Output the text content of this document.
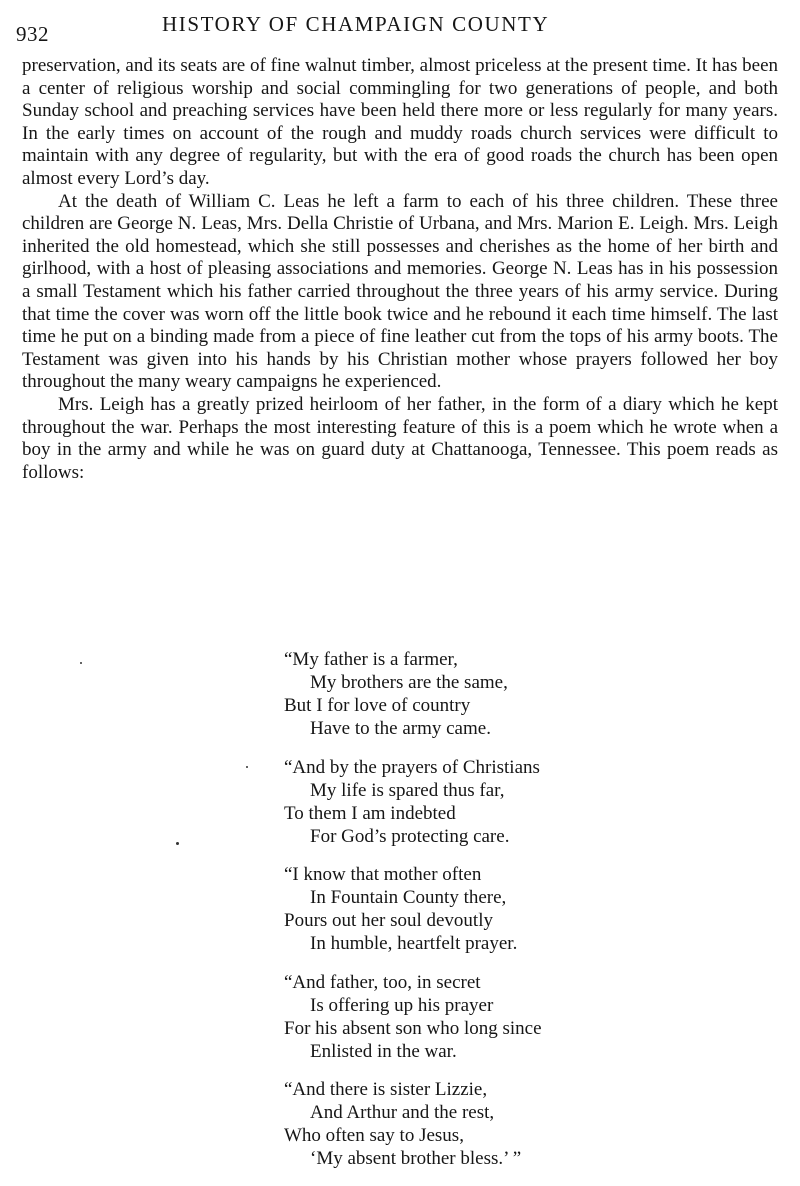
932	HISTORY OF CHAMPAIGN COUNTY

preservation, and its seats are of fine walnut timber, almost priceless at the present time. It has been a center of religious worship and social commingling for two generations of people, and both Sunday school and preaching services have been held there more or less regularly for many years. In the early times on account of the rough and muddy roads church services were difficult to maintain with any degree of regularity, but with the era of good roads the church has been open almost every Lord’s day.

At the death of William C. Leas he left a farm to each of his three children. These three children are George N. Leas, Mrs. Della Christie of Urbana, and Mrs. Marion E. Leigh. Mrs. Leigh inherited the old homestead, which she still possesses and cherishes as the home of her birth and girlhood, with a host of pleasing associations and memories. George N. Leas has in his possession a small Testament which his father carried throughout the three years of his army service. During that time the cover was worn off the little book twice and he rebound it each time himself. The last time he put on a binding made from a piece of fine leather cut from the tops of his army boots. The Testament was given into his hands by his Christian mother whose prayers followed her boy throughout the many weary campaigns he experienced.

Mrs. Leigh has a greatly prized heirloom of her father, in the form of a diary which he kept throughout the war. Perhaps the most interesting feature of this is a poem which he wrote when a boy in the army and while he was on guard duty at Chattanooga, Tennessee. This poem reads as follows:

“My father is a farmer,
My brothers are the same,
But I for love of country
Have to the army came.
“And by the prayers of Christians
My life is spared thus far,
To them I am indebted
For God’s protecting care.
“I know that mother often
In Fountain County there,
Pours out her soul devoutly
In humble, heartfelt prayer.
“And father, too, in secret
Is offering up his prayer
For his absent son who long since
Enlisted in the war.
“And there is sister Lizzie,
And Arthur and the rest,
Who often say to Jesus,
‘My absent brother bless.’ ”
